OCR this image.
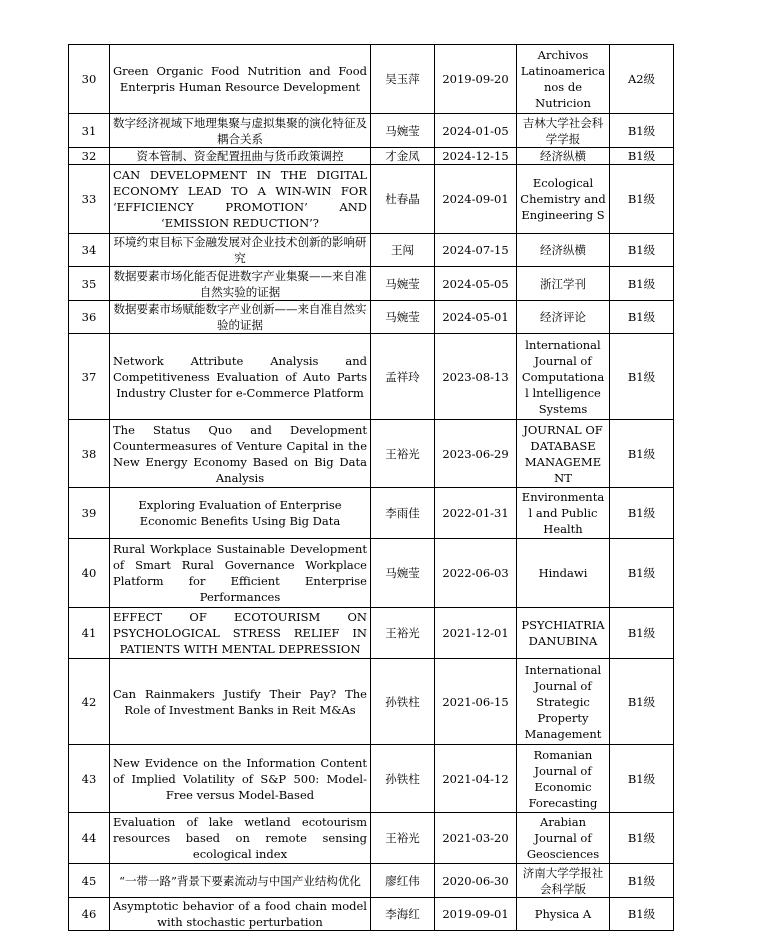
30	Green Organic Food Nutrition and Food Enterpris Human Resource Development	吴玉萍	2019-09-20	Archivos Latinoamerica nos de Nutricion	A2级
31	数字经济视域下地理集聚与虚拟集聚的演化特征及耦合关系	马婉莹	2024-01-05	吉林大学社会科学学报	B1级
32	资本管制、资金配置扭曲与货币政策调控	才金凤	2024-12-15	经济纵横	B1级
33	CAN DEVELOPMENT IN THE DIGITAL ECONOMY LEAD TO A WIN-WIN FOR ‘EFFICIENCY PROMOTION’ AND ‘EMISSION REDUCTION’?	杜春晶	2024-09-01	Ecological Chemistry and Engineering S	B1级
34	环境约束目标下金融发展对企业技术创新的影响研究	王闯	2024-07-15	经济纵横	B1级
35	数据要素市场化能否促进数字产业集聚——来自准自然实验的证据	马婉莹	2024-05-05	浙江学刊	B1级
36	数据要素市场赋能数字产业创新——来自准自然实验的证据	马婉莹	2024-05-01	经济评论	B1级
37	Network Attribute Analysis and Competitiveness Evaluation of Auto Parts Industry Cluster for e-Commerce Platform	孟祥玲	2023-08-13	lnternational Journal of Computational lntelligence Systems	B1级
38	The Status Quo and Development Countermeasures of Venture Capital in the New Energy Economy Based on Big Data Analysis	王裕光	2023-06-29	JOURNAL OF DATABASE MANAGEMENT	B1级
39	Exploring Evaluation of Enterprise Economic Benefits Using Big Data	李雨佳	2022-01-31	Environmental and Public Health	B1级
40	Rural Workplace Sustainable Development of Smart Rural Governance Workplace Platform for Efficient Enterprise Performances	马婉莹	2022-06-03	Hindawi	B1级
41	EFFECT OF ECOTOURISM ON PSYCHOLOGICAL STRESS RELIEF IN PATIENTS WITH MENTAL DEPRESSION	王裕光	2021-12-01	PSYCHIATRIA DANUBINA	B1级
42	Can Rainmakers Justify Their Pay? The Role of Investment Banks in Reit M&As	孙铁柱	2021-06-15	International Journal of Strategic Property Management	B1级
43	New Evidence on the Information Content of Implied Volatility of S&P 500: Model-Free versus Model-Based	孙铁柱	2021-04-12	Romanian Journal of Economic Forecasting	B1级
44	Evaluation of lake wetland ecotourism resources based on remote sensing ecological index	王裕光	2021-03-20	Arabian Journal of Geosciences	B1级
45	“一带一路”背景下要素流动与中国产业结构优化	廖红伟	2020-06-30	济南大学学报社会科学版	B1级
46	Asymptotic behavior of a food chain model with stochastic perturbation	李海红	2019-09-01	Physica A	B1级
